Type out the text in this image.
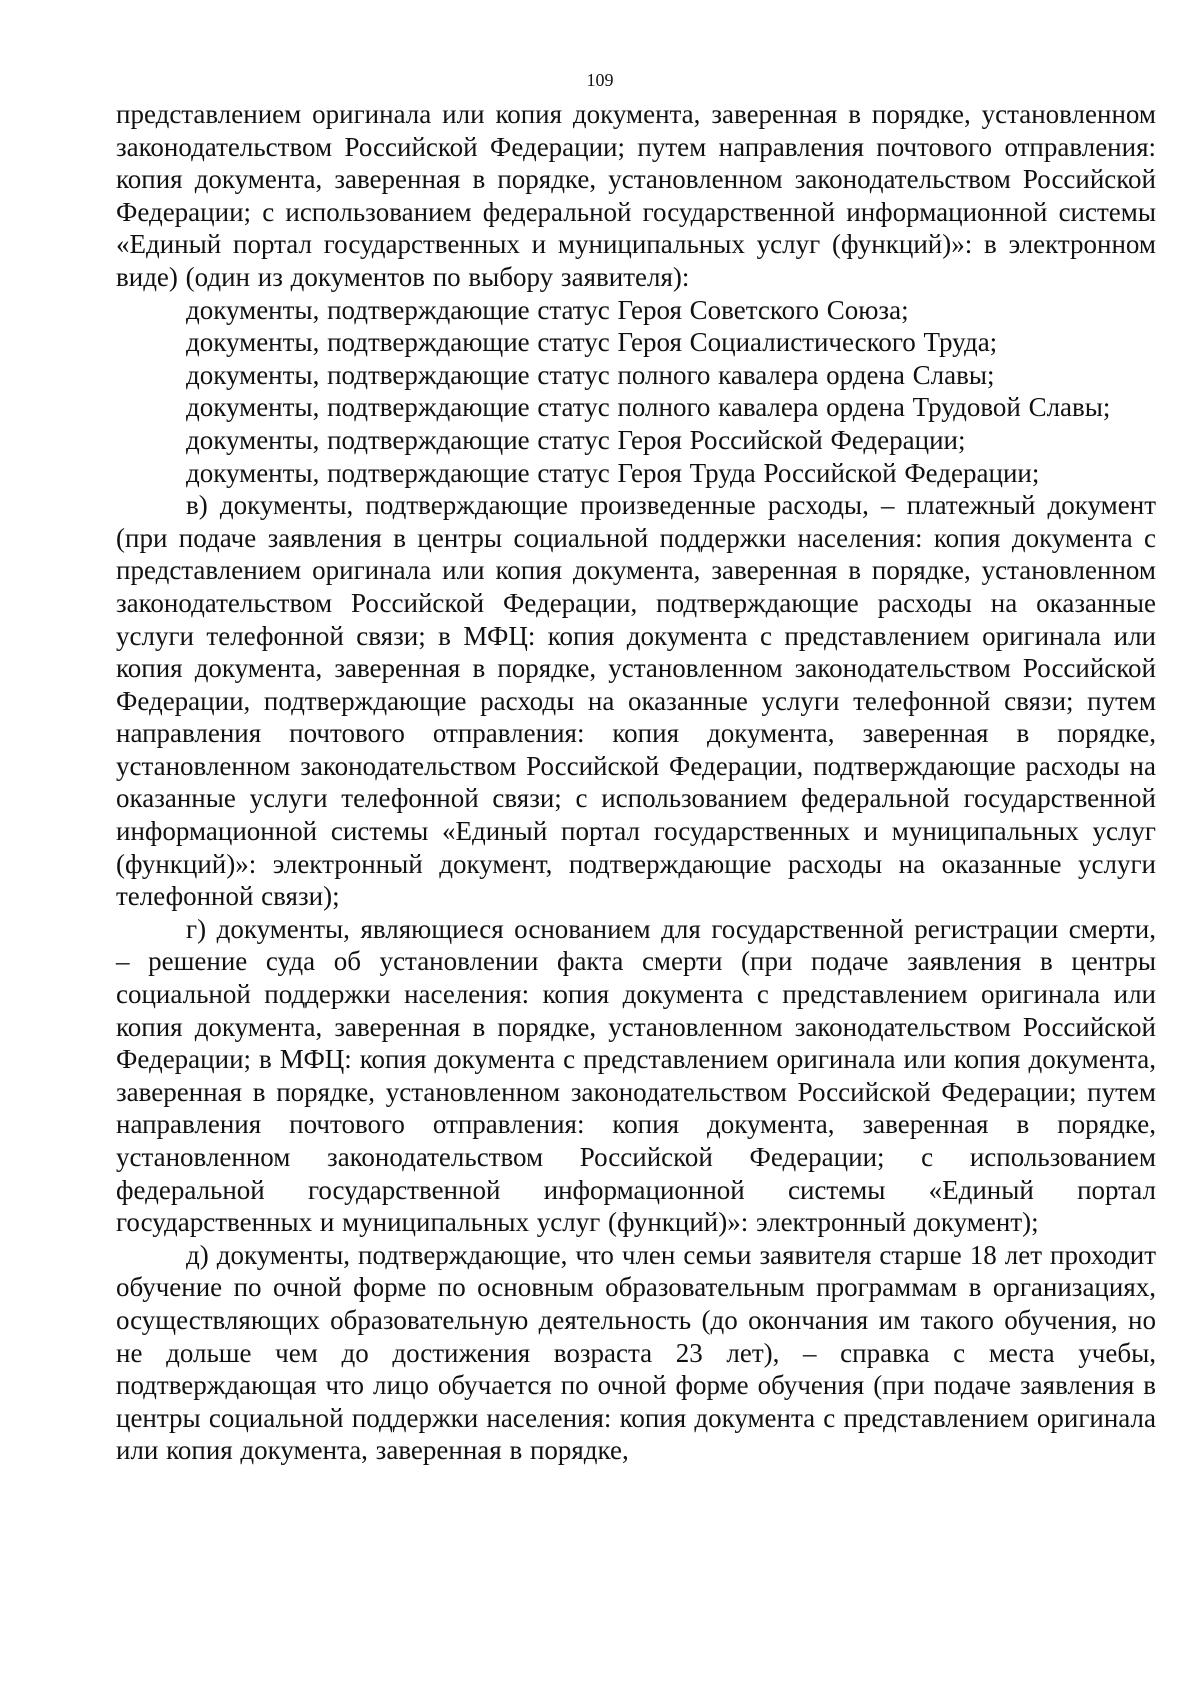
109

представлением оригинала или копия документа, заверенная в порядке, установленном законодательством Российской Федерации; путем направления почтового отправления: копия документа, заверенная в порядке, установленном законодательством Российской Федерации; с использованием федеральной государственной информационной системы «Единый портал государственных и муниципальных услуг (функций)»: в электронном виде) (один из документов по выбору заявителя):

документы, подтверждающие статус Героя Советского Союза;

документы, подтверждающие статус Героя Социалистического Труда;

документы, подтверждающие статус полного кавалера ордена Славы;

документы, подтверждающие статус полного кавалера ордена Трудовой Славы;

документы, подтверждающие статус Героя Российской Федерации;

документы, подтверждающие статус Героя Труда Российской Федерации;

в) документы, подтверждающие произведенные расходы, – платежный документ (при подаче заявления в центры социальной поддержки населения: копия документа с представлением оригинала или копия документа, заверенная в порядке, установленном законодательством Российской Федерации, подтверждающие расходы на оказанные услуги телефонной связи; в МФЦ: копия документа с представлением оригинала или копия документа, заверенная в порядке, установленном законодательством Российской Федерации, подтверждающие расходы на оказанные услуги телефонной связи; путем направления почтового отправления: копия документа, заверенная в порядке, установленном законодательством Российской Федерации, подтверждающие расходы на оказанные услуги телефонной связи; с использованием федеральной государственной информационной системы «Единый портал государственных и муниципальных услуг (функций)»: электронный документ, подтверждающие расходы на оказанные услуги телефонной связи);

г) документы, являющиеся основанием для государственной регистрации смерти, – решение суда об установлении факта смерти (при подаче заявления в центры социальной поддержки населения: копия документа с представлением оригинала или копия документа, заверенная в порядке, установленном законодательством Российской Федерации; в МФЦ: копия документа с представлением оригинала или копия документа, заверенная в порядке, установленном законодательством Российской Федерации; путем направления почтового отправления: копия документа, заверенная в порядке, установленном законодательством Российской Федерации; с использованием федеральной государственной информационной системы «Единый портал государственных и муниципальных услуг (функций)»: электронный документ);

д) документы, подтверждающие, что член семьи заявителя старше 18 лет проходит обучение по очной форме по основным образовательным программам в организациях, осуществляющих образовательную деятельность (до окончания им такого обучения, но не дольше чем до достижения возраста 23 лет), – справка с места учебы, подтверждающая что лицо обучается по очной форме обучения (при подаче заявления в центры социальной поддержки населения: копия документа с представлением оригинала или копия документа, заверенная в порядке,
